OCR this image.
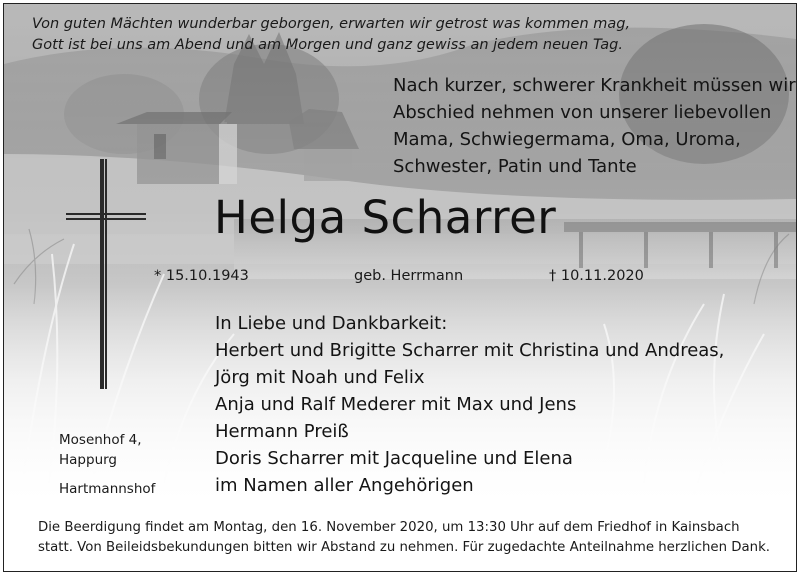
Von guten Mächten wunderbar geborgen, erwarten wir getrost was kommen mag,
Gott ist bei uns am Abend und am Morgen und ganz gewiss an jedem neuen Tag.
Nach kurzer, schwerer Krankheit müssen wir
Abschied nehmen von unserer liebevollen
Mama, Schwiegermama, Oma, Uroma,
Schwester, Patin und Tante
Helga Scharrer
* 15.10.1943	geb. Herrmann	† 10.11.2020
In Liebe und Dankbarkeit:
Herbert und Brigitte Scharrer mit Christina und Andreas,
Jörg mit Noah und Felix
Anja und Ralf Mederer mit Max und Jens
Hermann Preiß
Doris Scharrer mit Jacqueline und Elena
im Namen aller Angehörigen
Mosenhof 4,
Happurg
Hartmannshof
Die Beerdigung findet am Montag, den 16. November 2020, um 13:30 Uhr auf dem Friedhof in Kainsbach
statt. Von Beileidsbekundungen bitten wir Abstand zu nehmen. Für zugedachte Anteilnahme herzlichen Dank.
